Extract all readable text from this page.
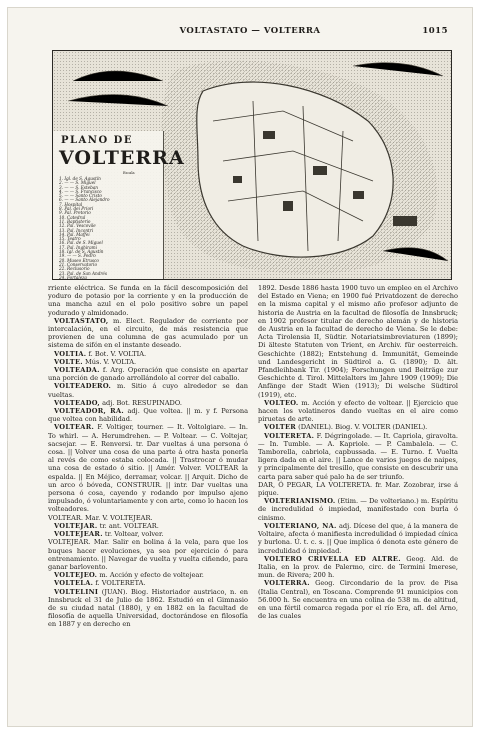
VOLTASTATO — VOLTERRA	1015
PLANO DE
VOLTERRA
Escala
1. Igl. de S. Agustín
2. — — S. Miguel
3. — — S. Esteban
4. — — S. Francisco
5. — — Santo Cristo
6. — — Santo Alejandro
7. Hospital
8. Pal. dei Priori
9. Pal. Pretorio
10. Catedral
11. Baptisterio
12. Pal. Vescovile
13. Pal. Incontri
14. Pal. Maffei
15. Teatro
16. Pal. de S. Miguel
17. Pal. Inghirami
18. Igl. de S. Agustín
19. — — S. Pedro
20. Museo Etrusco
21. Conservatorio
22. Reclusorio
23. Pal. de San Andrés
24. Fortaleza

rriente eléctrica. Se funda en la fácil descomposición del yoduro de potasio por la corriente y en la producción de una mancha azul en el polo positivo sobre un papel yodurado y almidonado.

VOLTASTATO, m. Elect. Regulador de corriente por intercalación, en el circuito, de más resistencia que provienen de una columna de gas acumulado por un sistema de sifón en el instante deseado.

VOLTIA. f. Bot. V. VOLTIA.

VOLTE. Mús. V. VOLTA.

VOLTEADA. f. Arg. Operación que consiste en apartar una porción de ganado arrollándolo al correr del caballo.

VOLTEADERO. m. Sitio á cuyo alrededor se dan vueltas.

VOLTEADO, adj. Bot. RESUPINADO.

VOLTEADOR, RA. adj. Que voltea. || m. y f. Persona que voltea con habilidad.

VOLTEAR. F. Voltiger, tourner. — It. Voltolgiare. — In. To whirl. — A. Herumdrehen. — P. Voltear. — C. Voltejar, sacsejar. — E. Renversi. tr. Dar vueltas á una persona ó cosa. || Volver una cosa de una parte á otra hasta ponerla al revés de como estaba colocada. || Trastrocar ó mudar una cosa de estado ó sitio. || Amér. Volver. VOLTEAR la espalda. || En Méjico, derramar, volcar. || Arquit. Dicho de un arco ó bóveda, CONSTRUIR. || intr. Dar vueltas una persona ó cosa, cayendo y rodando por impulso ajeno impulsado, ó voluntariamente y con arte, como lo hacen los volteadores.

VOLTEAR. Mar. V. VOLTEJEAR.

VOLTEJAR. tr. ant. VOLTEAR.

VOLTEJEAR. tr. Voltear, volver.

VOLTEJEAR. Mar. Salir en bolina á la vela, para que los buques hacer evoluciones, ya sea por ejercicio ó para entrenamiento. || Navegar de vuelta y vuelta ciñendo, para ganar barlovento.

VOLTEJEO. m. Acción y efecto de voltejear.

VOLTELA. f. VOLTERETA.

VOLTELINI (JUAN). Biog. Historiador austriaco, n. en Innsbruck el 31 de Julio de 1862. Estudió en el Gimnasio de su ciudad natal (1880), y en 1882 en la facultad de filosofía de aquella Universidad, doctorándose en filosofía en 1887 y en derecho en

1892. Desde 1886 hasta 1900 tuvo un empleo en el Archivo del Estado en Viena; en 1900 fué Privatdozent de derecho en la misma capital y el mismo año profesor adjunto de historia de Austria en la facultad de filosofía de Innsbruck; en 1902 profesor titular de derecho alemán y de historia de Austria en la facultad de derecho de Viena. Se le debe: Acta Tirolensia II, Südtir. Notariatsimbreviaturen (1899); Di älteste Statuten von Trient, en Archiv. für oesterreich. Geschichte (1882); Entstehung d. Immunität, Gemeinde und Landesgericht in Südtirol a. G. (1890); D. ält. Pfandleihbank Tir. (1904); Forschungen und Beiträge zur Geschichte d. Tirol. Mittelalters im Jahre 1909 (1909); Die Anfänge der Stadt Wien (1913); Di welsche Südtirol (1919), etc.

VOLTEO. m. Acción y efecto de voltear. || Ejercicio que hacen los volatineros dando vueltas en el aire como piruetas de arte.

VOLTER (DANIEL). Biog. V. VOLTER (DANIEL).

VOLTERETA. F. Dégringolade. — It. Capriola, giravolta. — In. Tumble. — A. Kapriole. — P. Cambalela. — C. Tamborella, cabriola, capbussada. — E. Turno. f. Vuelta ligera dada en el aire. || Lance de varios juegos de naipes, y principalmente del tresillo, que consiste en descubrir una carta para saber qué palo ha de ser triunfo.

DAR, Ó PEGAR, LA VOLTERETA. fr. Mar. Zozobrar, irse á pique.

VOLTERIANISMO. (Etim. — De volteriano.) m. Espíritu de incredulidad ó impiedad, manifestado con burla ó cinismo.

VOLTERIANO, NA. adj. Dícese del que, á la manera de Voltaire, afecta ó manifiesta incredulidad ó impiedad cínica y burlona. Ú. t. c. s. || Que implica ó denota este género de incredulidad ó impiedad.

VOLTERO CRIVELLA ED ALTRE. Geog. Ald. de Italia, en la prov. de Palermo, circ. de Termini Imerese, mun. de Rivera; 200 h.

VOLTERRA. Geog. Circondario de la prov. de Pisa (Italia Central), en Toscana. Comprende 91 municipios con 56.000 h. Se encuentra en una colina de 538 m. de altitud, en una fértil comarca regada por el río Era, afl. del Arno, de las cuales
